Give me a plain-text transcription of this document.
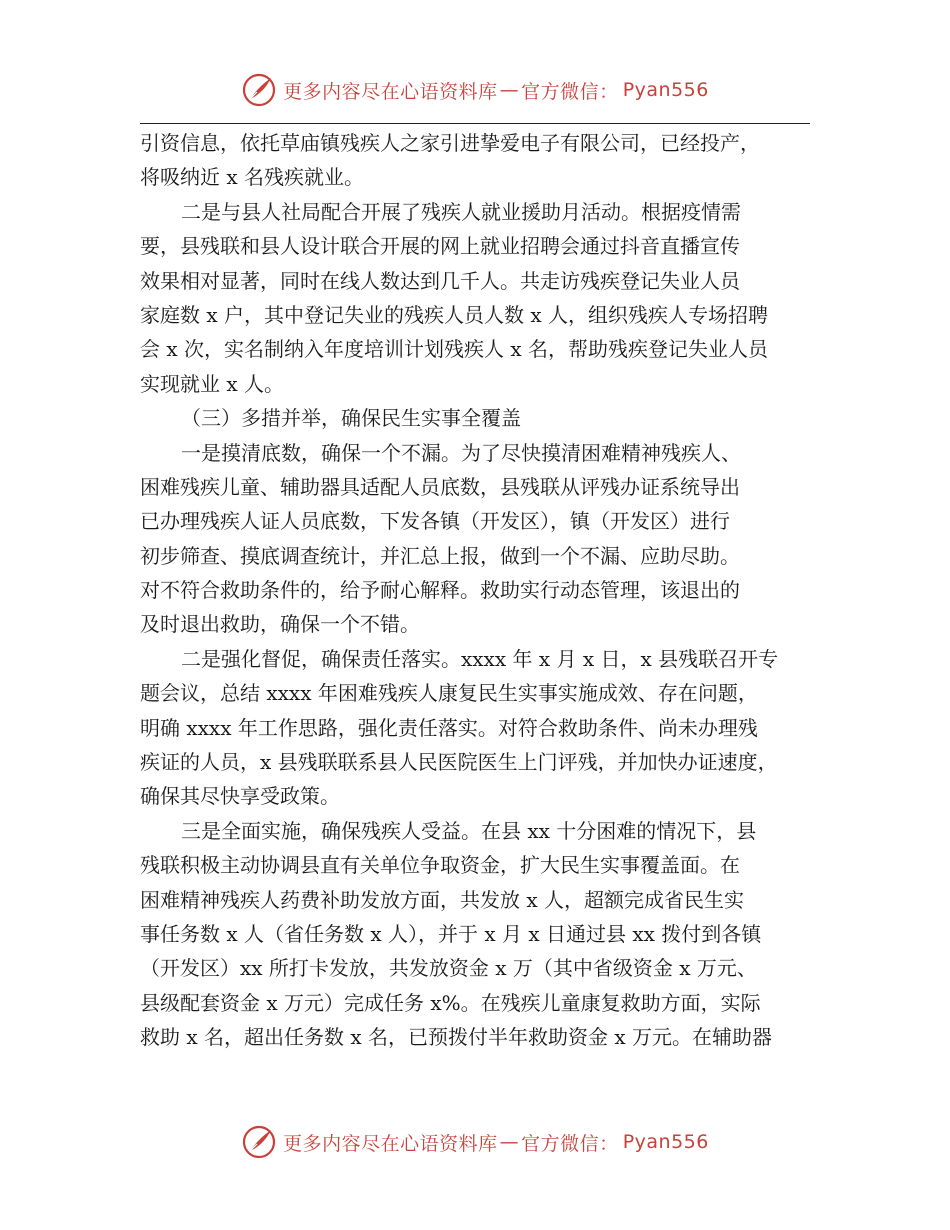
更多内容尽在心语资料库 — 官方微信： Pyan556
引资信息，依托草庙镇残疾人之家引进挚爱电子有限公司，已经投产，
将吸纳近 x 名残疾就业。
二是与县人社局配合开展了残疾人就业援助月活动。根据疫情需
要，县残联和县人设计联合开展的网上就业招聘会通过抖音直播宣传
效果相对显著，同时在线人数达到几千人。共走访残疾登记失业人员
家庭数 x 户，其中登记失业的残疾人员人数 x 人，组织残疾人专场招聘
会 x 次，实名制纳入年度培训计划残疾人 x 名，帮助残疾登记失业人员
实现就业 x 人。
（三）多措并举，确保民生实事全覆盖
一是摸清底数，确保一个不漏。为了尽快摸清困难精神残疾人、
困难残疾儿童、辅助器具适配人员底数，县残联从评残办证系统导出
已办理残疾人证人员底数，下发各镇（开发区），镇（开发区）进行
初步筛查、摸底调查统计，并汇总上报，做到一个不漏、应助尽助。
对不符合救助条件的，给予耐心解释。救助实行动态管理，该退出的
及时退出救助，确保一个不错。
二是强化督促，确保责任落实。xxxx 年 x 月 x 日，x 县残联召开专
题会议，总结 xxxx 年困难残疾人康复民生实事实施成效、存在问题，
明确 xxxx 年工作思路，强化责任落实。对符合救助条件、尚未办理残
疾证的人员，x 县残联联系县人民医院医生上门评残，并加快办证速度，
确保其尽快享受政策。
三是全面实施，确保残疾人受益。在县 xx 十分困难的情况下，县
残联积极主动协调县直有关单位争取资金，扩大民生实事覆盖面。在
困难精神残疾人药费补助发放方面，共发放 x 人，超额完成省民生实
事任务数 x 人（省任务数 x 人），并于 x 月 x 日通过县 xx 拨付到各镇
（开发区）xx 所打卡发放，共发放资金 x 万（其中省级资金 x 万元、
县级配套资金 x 万元）完成任务 x%。在残疾儿童康复救助方面，实际
救助 x 名，超出任务数 x 名，已预拨付半年救助资金 x 万元。在辅助器
更多内容尽在心语资料库 — 官方微信： Pyan556
